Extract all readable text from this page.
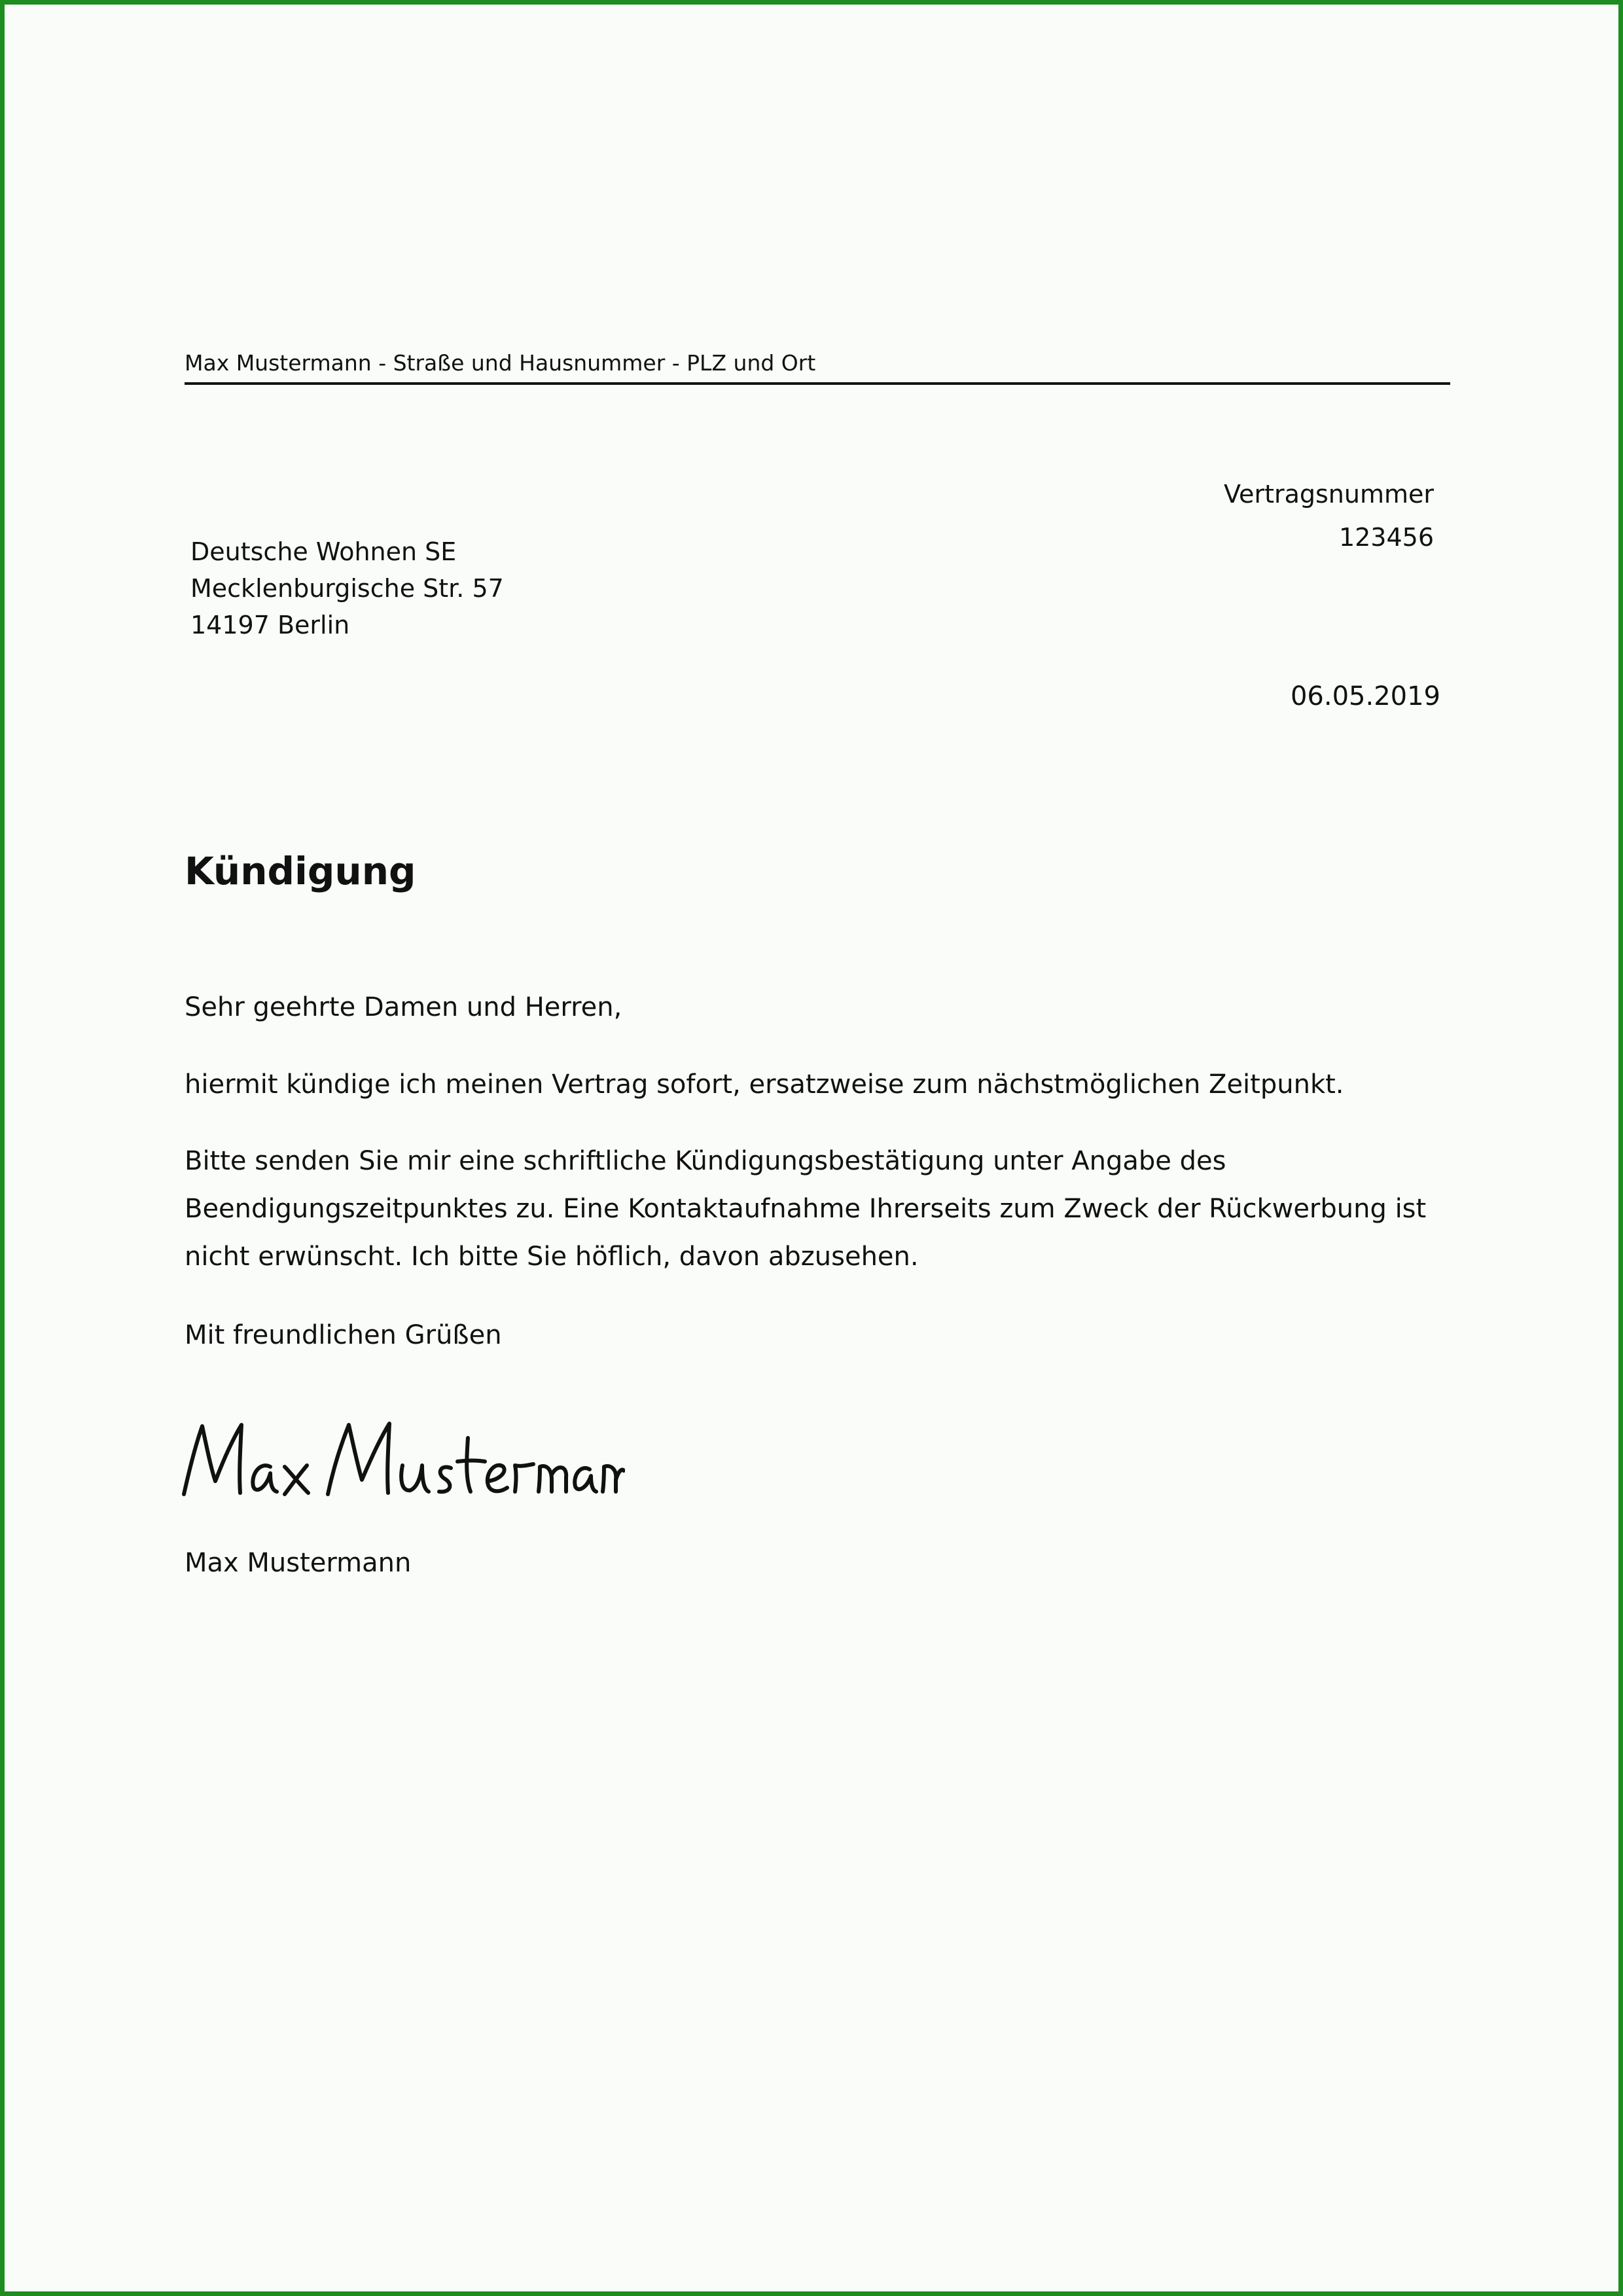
Max Mustermann - Straße und Hausnummer - PLZ und Ort
Vertragsnummer
123456
Deutsche Wohnen SE
Mecklenburgische Str. 57
14197 Berlin
06.05.2019
Kündigung
Sehr geehrte Damen und Herren,
hiermit kündige ich meinen Vertrag sofort, ersatzweise zum nächstmöglichen Zeitpunkt.
Bitte senden Sie mir eine schriftliche Kündigungsbestätigung unter Angabe des Beendigungszeitpunktes zu. Eine Kontaktaufnahme Ihrerseits zum Zweck der Rückwerbung ist nicht erwünscht. Ich bitte Sie höflich, davon abzusehen.
Mit freundlichen Grüßen
Max Mustermann
